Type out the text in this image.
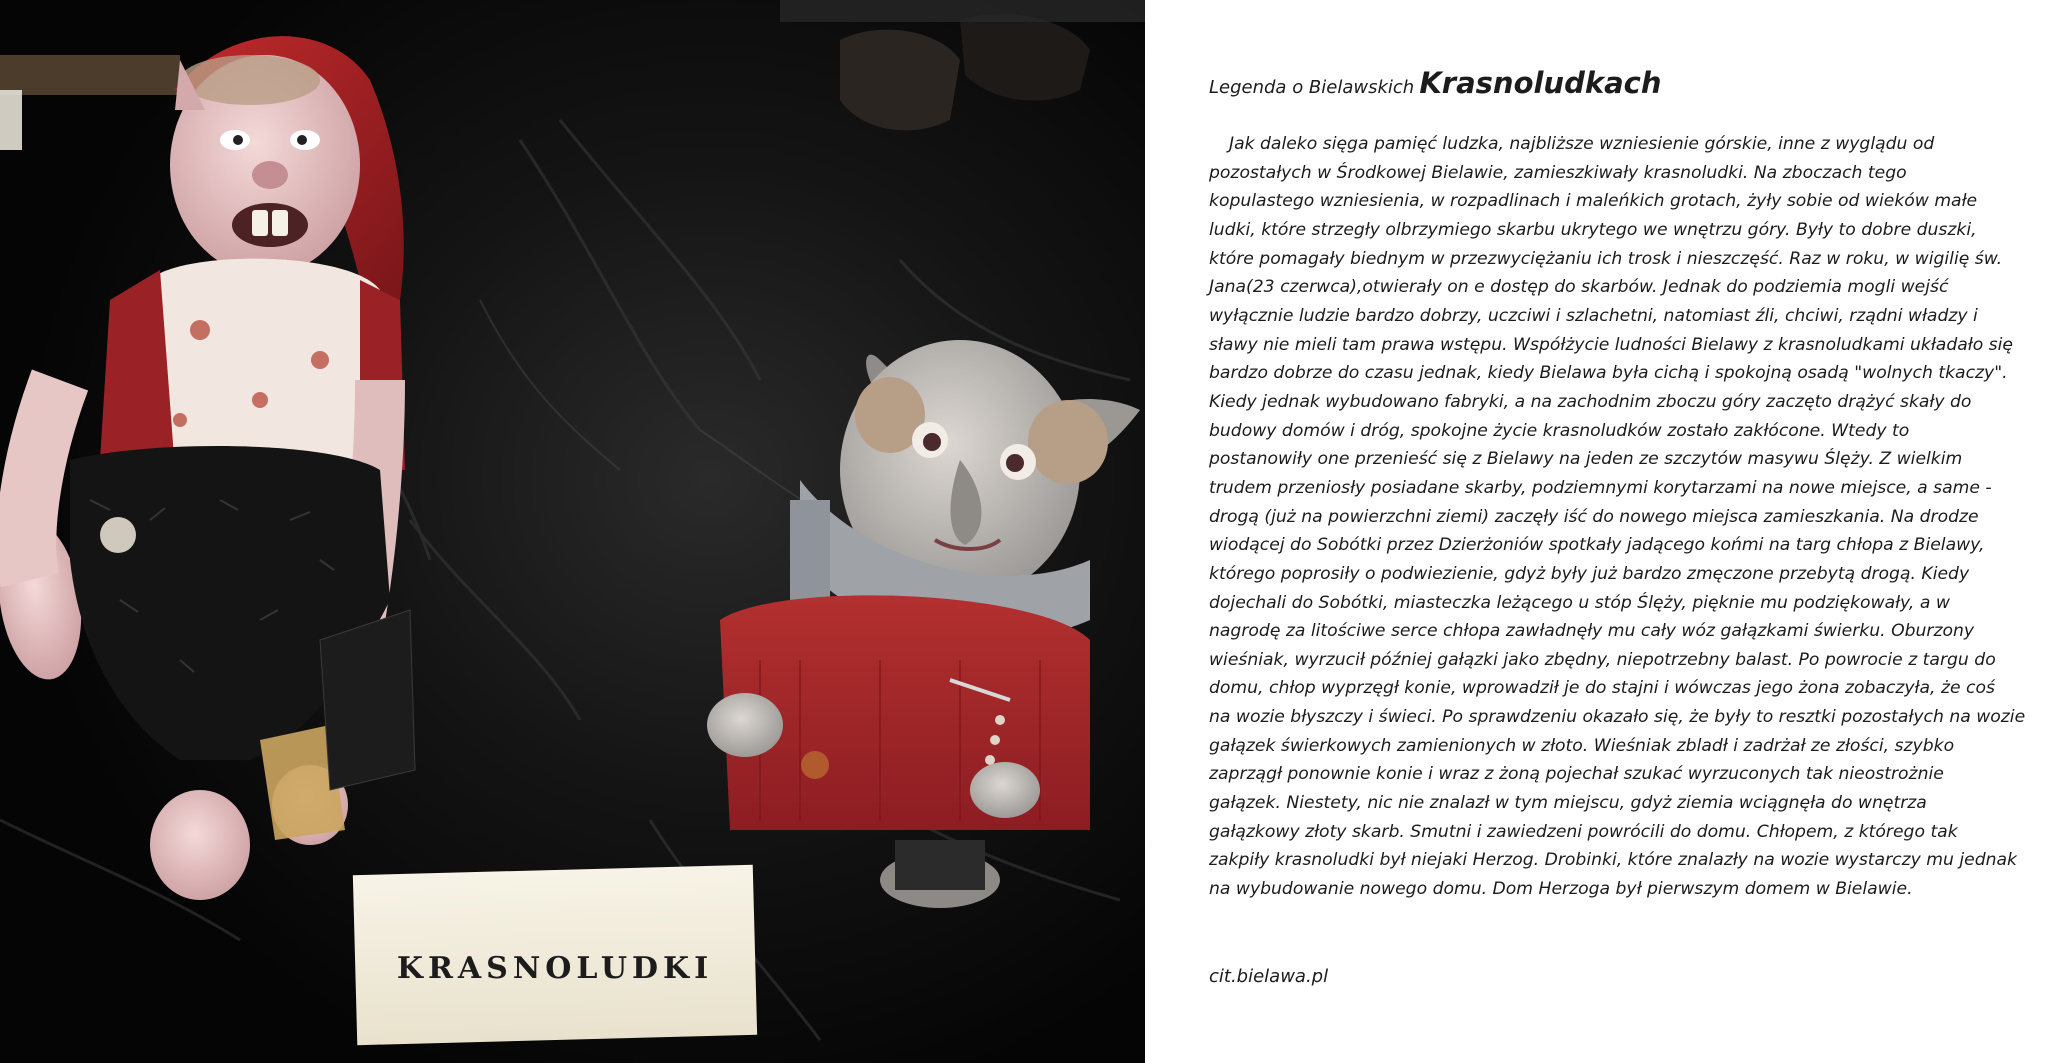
KRASNOLUDKI
Legenda o Bielawskich Krasnoludkach
Jak daleko sięga pamięć ludzka, najbliższe wzniesienie górskie, inne z wyglądu od
pozostałych w Środkowej Bielawie, zamieszkiwały krasnoludki. Na zboczach tego
kopulastego wzniesienia, w rozpadlinach i maleńkich grotach, żyły sobie od wieków małe
ludki, które strzegły olbrzymiego skarbu ukrytego we wnętrzu góry. Były to dobre duszki,
które pomagały biednym w przezwyciężaniu ich trosk i nieszczęść. Raz w roku, w wigilię św.
Jana(23 czerwca),otwierały on e dostęp do skarbów. Jednak do podziemia mogli wejść
wyłącznie ludzie bardzo dobrzy, uczciwi i szlachetni, natomiast źli, chciwi, rządni władzy i
sławy nie mieli tam prawa wstępu. Współżycie ludności Bielawy z krasnoludkami układało się
bardzo dobrze do czasu jednak, kiedy Bielawa była cichą i spokojną osadą "wolnych tkaczy".
Kiedy jednak wybudowano fabryki, a na zachodnim zboczu góry zaczęto drążyć skały do
budowy domów i dróg, spokojne życie krasnoludków zostało zakłócone. Wtedy to
postanowiły one przenieść się z Bielawy na jeden ze szczytów masywu Ślęży. Z wielkim
trudem przeniosły posiadane skarby, podziemnymi korytarzami na nowe miejsce, a same -
drogą (już na powierzchni ziemi) zaczęły iść do nowego miejsca zamieszkania. Na drodze
wiodącej do Sobótki przez Dzierżoniów spotkały jadącego końmi na targ chłopa z Bielawy,
którego poprosiły o podwiezienie, gdyż były już bardzo zmęczone przebytą drogą. Kiedy
dojechali do Sobótki, miasteczka leżącego u stóp Ślęży, pięknie mu podziękowały, a w
nagrodę za litościwe serce chłopa zawładnęły mu cały wóz gałązkami świerku. Oburzony
wieśniak, wyrzucił później gałązki jako zbędny, niepotrzebny balast. Po powrocie z targu do
domu, chłop wyprzęgł konie, wprowadził je do stajni i wówczas jego żona zobaczyła, że coś
na wozie błyszczy i świeci. Po sprawdzeniu okazało się, że były to resztki pozostałych na wozie
gałązek świerkowych zamienionych w złoto. Wieśniak zbladł i zadrżał ze złości, szybko
zaprzągł ponownie konie i wraz z żoną pojechał szukać wyrzuconych tak nieostrożnie
gałązek. Niestety, nic nie znalazł w tym miejscu, gdyż ziemia wciągnęła do wnętrza
gałązkowy złoty skarb. Smutni i zawiedzeni powrócili do domu. Chłopem, z którego tak
zakpiły krasnoludki był niejaki Herzog. Drobinki, które znalazły na wozie wystarczy mu jednak
na wybudowanie nowego domu. Dom Herzoga był pierwszym domem w Bielawie.
cit.bielawa.pl
